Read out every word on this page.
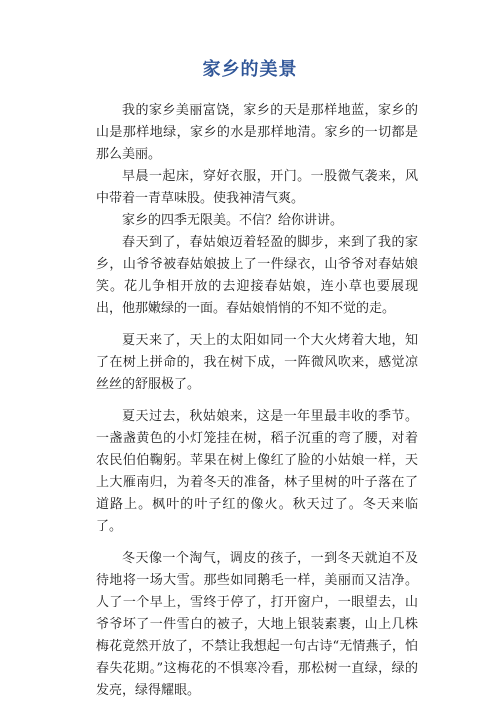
家乡的美景

我的家乡美丽富饶，家乡的天是那样地蓝，家乡的山是那样地绿，家乡的水是那样地清。家乡的一切都是那么美丽。

早晨一起床，穿好衣服，开门。一股微气袭来，风中带着一青草味股。使我神清气爽。

家乡的四季无限美。不信？给你讲讲。

春天到了，春姑娘迈着轻盈的脚步，来到了我的家乡，山爷爷被春姑娘披上了一件绿衣，山爷爷对春姑娘笑。花儿争相开放的去迎接春姑娘，连小草也要展现出，他那嫩绿的一面。春姑娘悄悄的不知不觉的走。

夏天来了，天上的太阳如同一个大火烤着大地，知了在树上拼命的，我在树下成，一阵微风吹来，感觉凉丝丝的舒服极了。

夏天过去，秋姑娘来，这是一年里最丰收的季节。一盏盏黄色的小灯笼挂在树，稻子沉重的弯了腰，对着农民伯伯鞠躬。苹果在树上像红了脸的小姑娘一样，天上大雁南归，为着冬天的准备，林子里树的叶子落在了道路上。枫叶的叶子红的像火。秋天过了。冬天来临了。

冬天像一个淘气，调皮的孩子，一到冬天就迫不及待地将一场大雪。那些如同鹅毛一样，美丽而又洁净。人了一个早上，雪终于停了，打开窗户，一眼望去，山爷爷坏了一件雪白的被子，大地上银装素裹，山上几株梅花竟然开放了，不禁让我想起一句古诗“无情燕子，怕春失花期。”这梅花的不惧寒冷看，那松树一直绿，绿的发亮，绿得耀眼。
